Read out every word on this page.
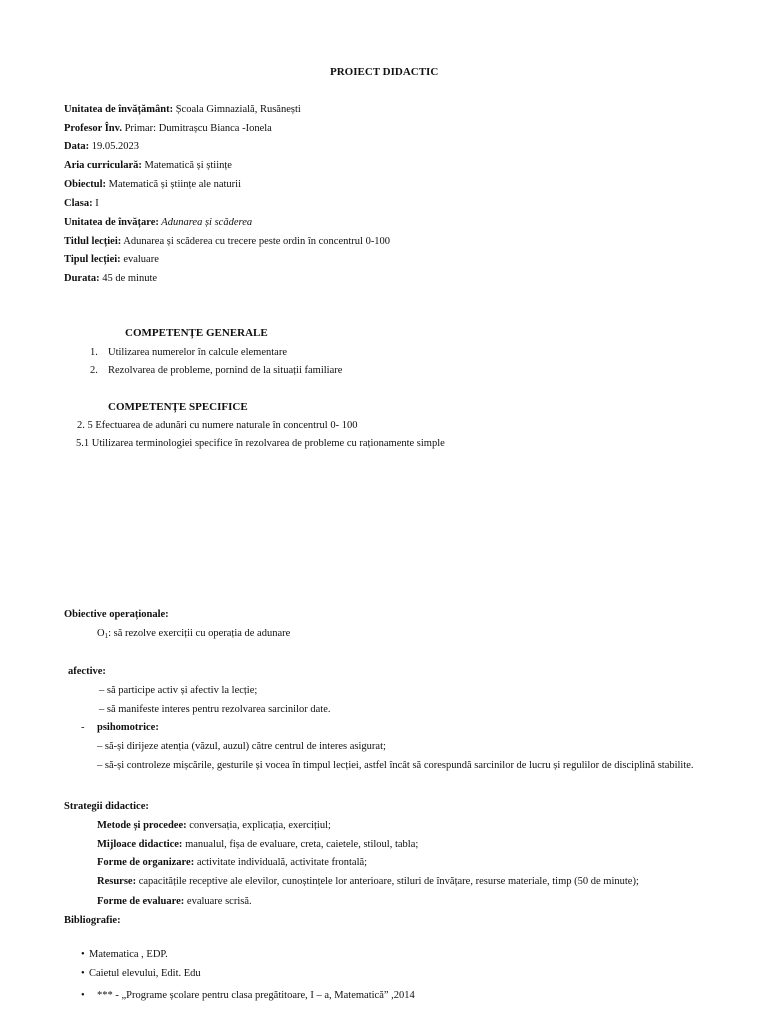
PROIECT DIDACTIC
Unitatea de învățământ: Școala Gimnazială, Rusănești
Profesor Înv. Primar: Dumitrașcu Bianca -Ionela
Data: 19.05.2023
Aria curriculară: Matematică și științe
Obiectul: Matematică și științe ale naturii
Clasa: I
Unitatea de învățare: Adunarea și scăderea
Titlul lecției: Adunarea și scăderea cu trecere peste ordin în concentrul 0-100
Tipul lecției: evaluare
Durata: 45 de minute
COMPETENȚE GENERALE
1. Utilizarea numerelor în calcule elementare
2. Rezolvarea de probleme, pornind de la situații familiare
COMPETENȚE SPECIFICE
2. 5 Efectuarea de adunări cu numere naturale în concentrul 0- 100
5.1 Utilizarea terminologiei specifice în rezolvarea de probleme cu raționamente simple
Obiective operaționale:
$O_1$: să rezolve exerciții cu operația de adunare
afective:
– să participe activ și afectiv la lecție;
– să manifeste interes pentru rezolvarea sarcinilor date.
- psihomotrice:
– să-și dirijeze atenția (văzul, auzul) către centrul de interes asigurat;
– să-și controleze mișcările, gesturile și vocea în timpul lecției, astfel încât să corespundă sarcinilor de lucru și regulilor de disciplină stabilite.
Strategii didactice:
Metode și procedee: conversația, explicația, exercițiul;
Mijloace didactice: manualul, fișa de evaluare, creta, caietele, stiloul, tabla;
Forme de organizare: activitate individuală, activitate frontală;
Resurse: capacitățile receptive ale elevilor, cunoștințele lor anterioare, stiluri de învățare, resurse materiale, timp (50 de minute);
Forme de evaluare: evaluare scrisă.
Bibliografie:
• Matematica , EDP.
• Caietul elevului, Edit. Edu
• *** - „Programe școlare pentru clasa pregătitoare, I – a, Matematică” ,2014
